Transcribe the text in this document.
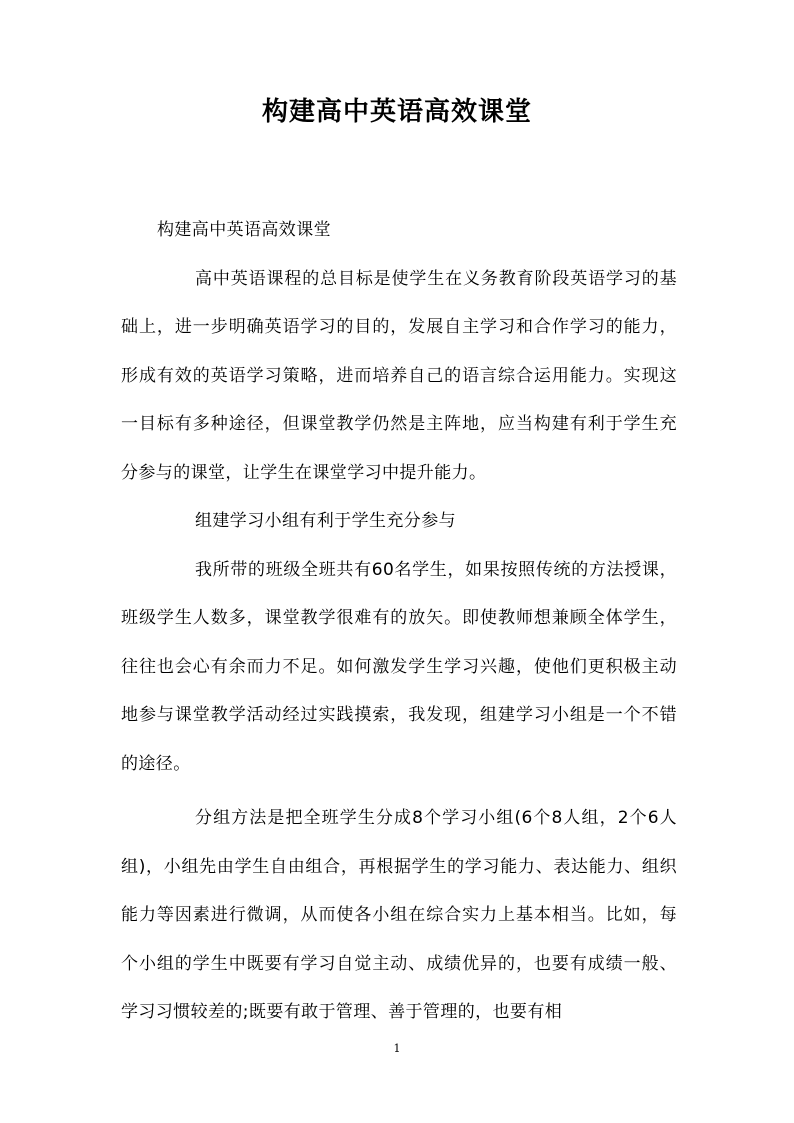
构建高中英语高效课堂

构建高中英语高效课堂

高中英语课程的总目标是使学生在义务教育阶段英语学习的基础上，进一步明确英语学习的目的，发展自主学习和合作学习的能力，形成有效的英语学习策略，进而培养自己的语言综合运用能力。实现这一目标有多种途径，但课堂教学仍然是主阵地，应当构建有利于学生充分参与的课堂，让学生在课堂学习中提升能力。

组建学习小组有利于学生充分参与

我所带的班级全班共有60名学生，如果按照传统的方法授课，班级学生人数多，课堂教学很难有的放矢。即使教师想兼顾全体学生，往往也会心有余而力不足。如何激发学生学习兴趣，使他们更积极主动地参与课堂教学活动经过实践摸索，我发现，组建学习小组是一个不错的途径。

分组方法是把全班学生分成8个学习小组(6个8人组，2个6人组)，小组先由学生自由组合，再根据学生的学习能力、表达能力、组织能力等因素进行微调，从而使各小组在综合实力上基本相当。比如，每个小组的学生中既要有学习自觉主动、成绩优异的，也要有成绩一般、学习习惯较差的;既要有敢于管理、善于管理的，也要有相

1
